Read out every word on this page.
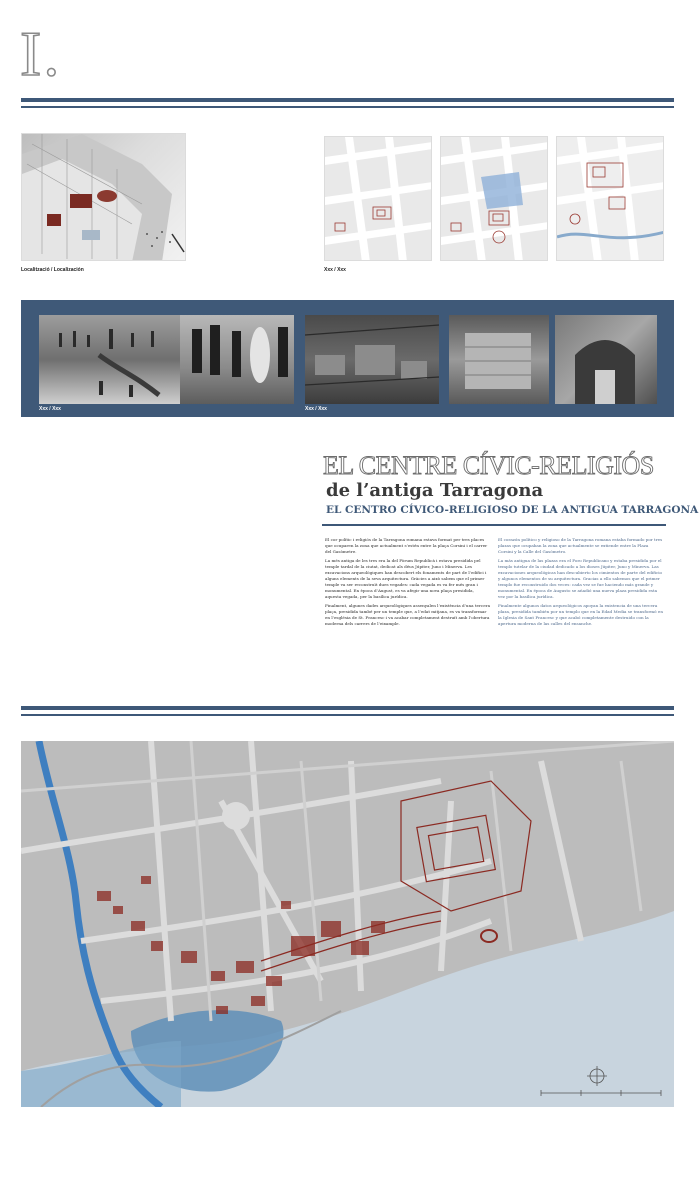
I.
Localització / Localización	Xxx / Xxx
Xxx / Xxx	Xxx / Xxx
EL CENTRE CÍVIC-RELIGIÓS
de l’antiga Tarragona
EL CENTRO CÍVICO-RELIGIOSO DE LA ANTIGUA TARRAGONA

El cor polític i religiós de la Tarragona romana estava format per tres places que ocuparen la zona que actualment s’estén entre la plaça Corsini i el carrer del Gasòmetre.

La més antiga de les tres era la del Fòrum Republicà i estava presidida pel temple tardal de la ciutat, dedicat als déus Júpiter, Juno i Minerva. Les excavacions arqueològiques han descobert els fonaments de part de l’edifici i alguns elements de la seva arquitectura. Gràcies a això sabem que el primer temple va ser reconstruït dues vegades: cada vegada es va fer més gran i monumental. En època d’August, es va afegir una nova plaça presidida, aquesta vegada, per la basílica jurídica.

Finalment, algunes dades arqueològiques assenyalen l’existència d’una tercera plaça, presidida també per un temple que, a l’edat mitjana, es va transformar en l’església de St. Francesc i va acabar completament destruït amb l’obertura moderna dels carrers de l’eixample.

El corazón político y religioso de la Tarragona romana estaba formado por tres plazas que ocupaban la zona que actualmente se extiende entre la Plaza Corsini y la Calle del Gasómetro.

La más antigua de las plazas era el Foro Republicano y estaba presidida por el templo tutelar de la ciudad dedicado a los dioses Júpiter, Juno y Minerva. Las excavaciones arqueológicas han descubierto los cimientos de parte del edificio y algunos elementos de su arquitectura. Gracias a ello sabemos que el primer templo fue reconstruido dos veces: cada vez se fue haciendo más grande y monumental. En época de Augusto se añadió una nueva plaza presidida esta vez por la basílica jurídica.

Finalmente algunos datos arqueológicos apoyan la existencia de una tercera plaza, presidida también por un templo que en la Edad Media se transformó en la Iglesia de Sant Francesc y que acabó completamente destruido con la apertura moderna de las calles del ensanche.
